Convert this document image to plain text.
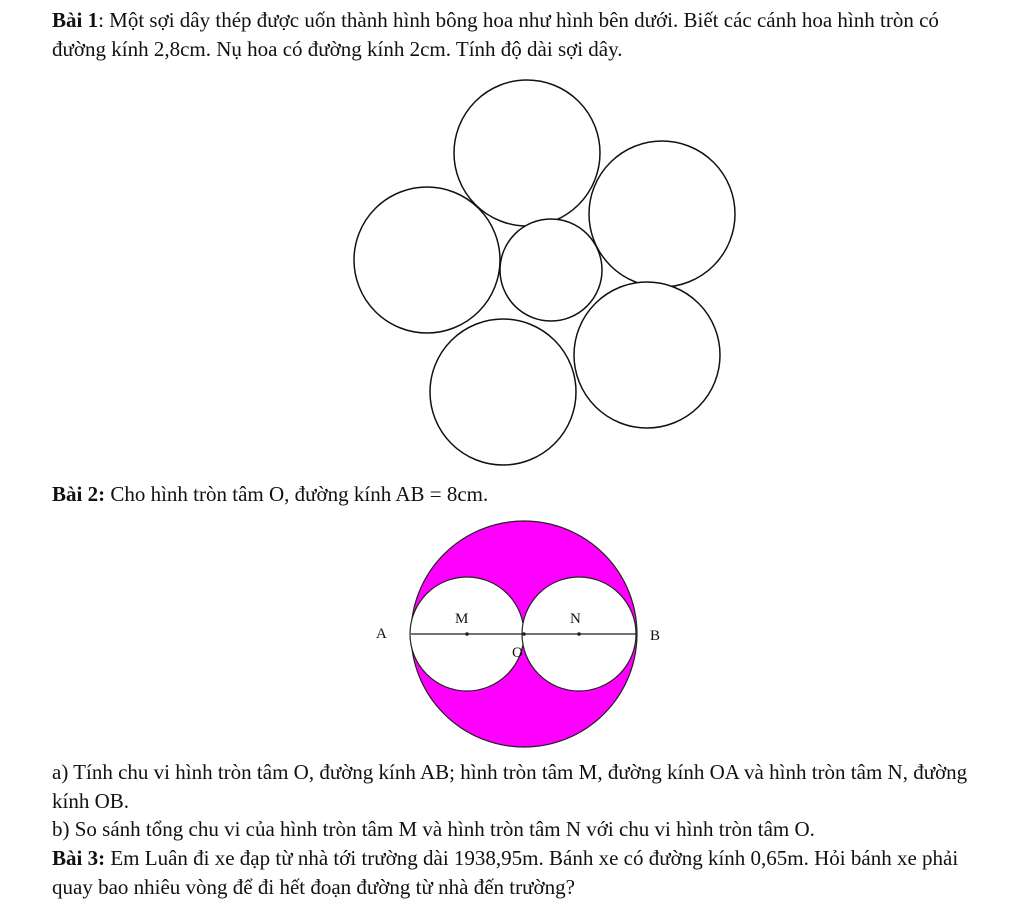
Bài 1: Một sợi dây thép được uốn thành hình bông hoa như hình bên dưới. Biết các cánh hoa hình tròn có đường kính 2,8cm. Nụ hoa có đường kính 2cm. Tính độ dài sợi dây.

A	B
M	N
O

Bài 2: Cho hình tròn tâm O, đường kính AB = 8cm.

a) Tính chu vi hình tròn tâm O, đường kính AB; hình tròn tâm M, đường kính OA và hình tròn tâm N, đường kính OB.

b) So sánh tổng chu vi của hình tròn tâm M và hình tròn tâm N với chu vi hình tròn tâm O.

Bài 3: Em Luân đi xe đạp từ nhà tới trường dài 1938,95m. Bánh xe có đường kính 0,65m. Hỏi bánh xe phải quay bao nhiêu vòng để đi hết đoạn đường từ nhà đến trường?
